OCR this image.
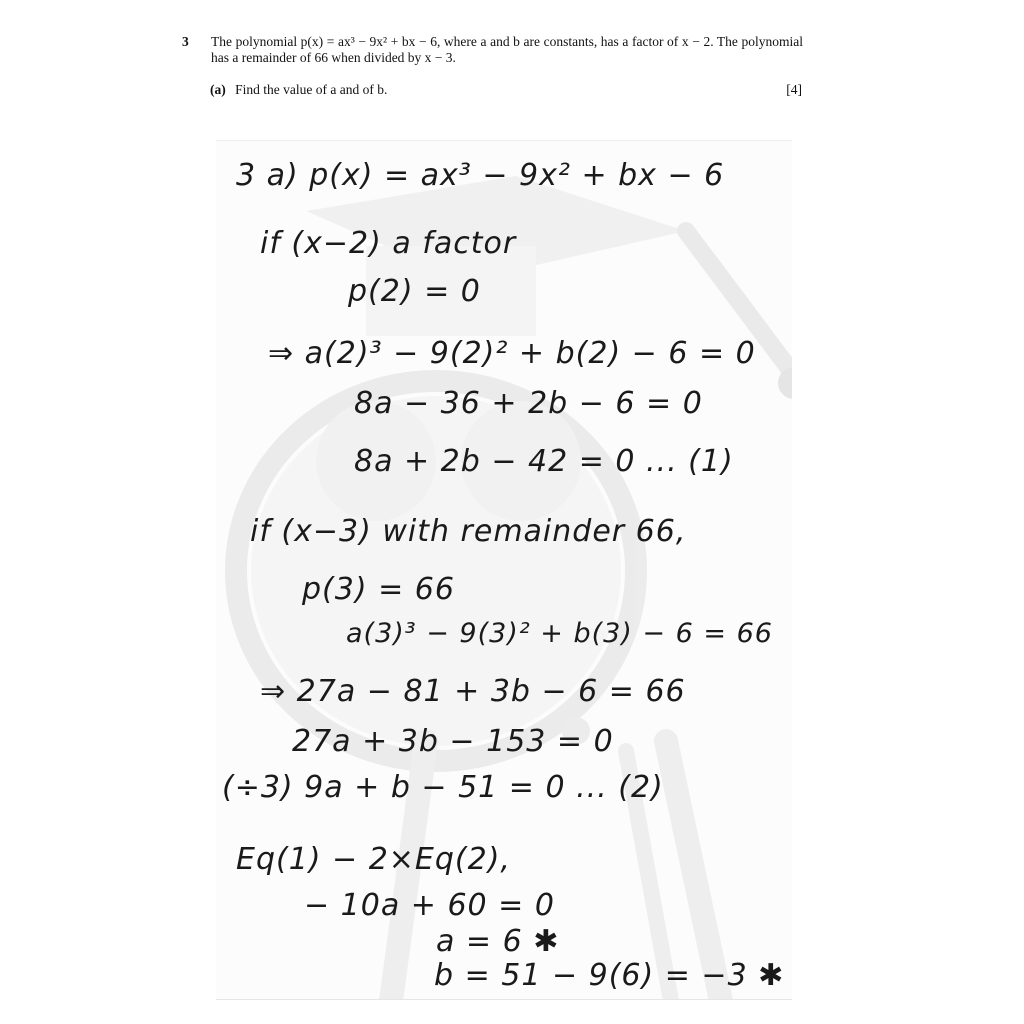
3 The polynomial p(x) = ax³ − 9x² + bx − 6, where a and b are constants, has a factor of x − 2. The polynomial has a remainder of 66 when divided by x − 3.
(a) Find the value of a and of b.	[4]
3 a) p(x) = ax³ − 9x² + bx − 6
if (x−2) a factor
p(2) = 0
⇒ a(2)³ − 9(2)² + b(2) − 6 = 0
8a − 36 + 2b − 6 = 0
8a + 2b − 42 = 0 ... (1)
if (x−3) with remainder 66,
p(3) = 66
a(3)³ − 9(3)² + b(3) − 6 = 66
⇒ 27a − 81 + 3b − 6 = 66
27a + 3b − 153 = 0
(÷3) 9a + b − 51 = 0 ... (2)
Eq(1) − 2×Eq(2),
− 10a + 60 = 0
a = 6 ✱
b = 51 − 9(6) = −3 ✱
